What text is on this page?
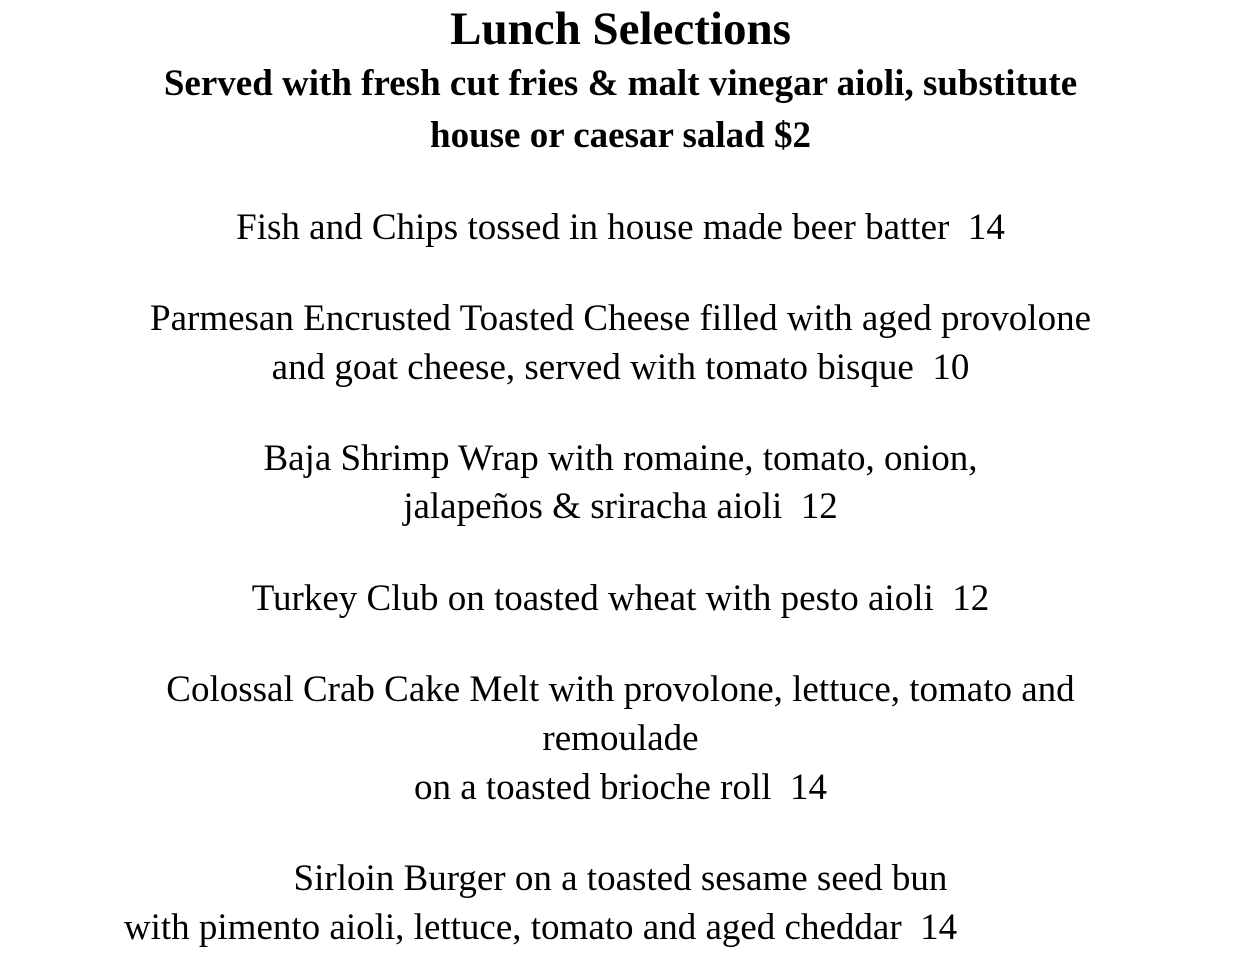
Lunch Selections
Served with fresh cut fries & malt vinegar aioli, substitute
house or caesar salad $2
Fish and Chips tossed in house made beer batter  14
Parmesan Encrusted Toasted Cheese filled with aged provolone
and goat cheese, served with tomato bisque  10
Baja Shrimp Wrap with romaine, tomato, onion,
jalapeños & sriracha aioli  12
Turkey Club on toasted wheat with pesto aioli  12
Colossal Crab Cake Melt with provolone, lettuce, tomato and
remoulade
on a toasted brioche roll  14
Sirloin Burger on a toasted sesame seed bun
with pimento aioli, lettuce, tomato and aged cheddar  14
